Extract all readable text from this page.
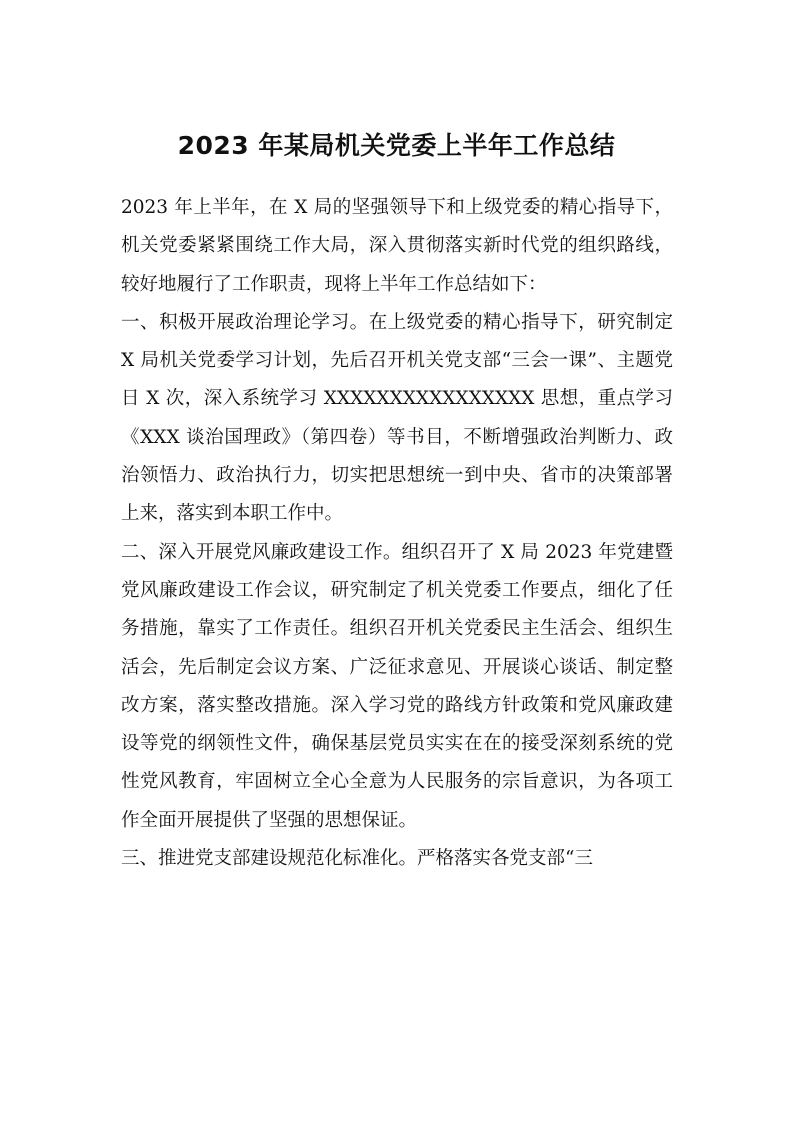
2023 年某局机关党委上半年工作总结

2023 年上半年，在 X 局的坚强领导下和上级党委的精心指导下，机关党委紧紧围绕工作大局，深入贯彻落实新时代党的组织路线，较好地履行了工作职责，现将上半年工作总结如下：

一、积极开展政治理论学习。在上级党委的精心指导下，研究制定 X 局机关党委学习计划，先后召开机关党支部“三会一课”、主题党日 X 次，深入系统学习 XXXXXXXXXXXXXXXX 思想，重点学习《XXX 谈治国理政》（第四卷）等书目，不断增强政治判断力、政治领悟力、政治执行力，切实把思想统一到中央、省市的决策部署上来，落实到本职工作中。

二、深入开展党风廉政建设工作。组织召开了 X 局 2023 年党建暨党风廉政建设工作会议，研究制定了机关党委工作要点，细化了任务措施，靠实了工作责任。组织召开机关党委民主生活会、组织生活会，先后制定会议方案、广泛征求意见、开展谈心谈话、制定整改方案，落实整改措施。深入学习党的路线方针政策和党风廉政建设等党的纲领性文件，确保基层党员实实在在的接受深刻系统的党性党风教育，牢固树立全心全意为人民服务的宗旨意识，为各项工作全面开展提供了坚强的思想保证。

三、推进党支部建设规范化标准化。严格落实各党支部“三
